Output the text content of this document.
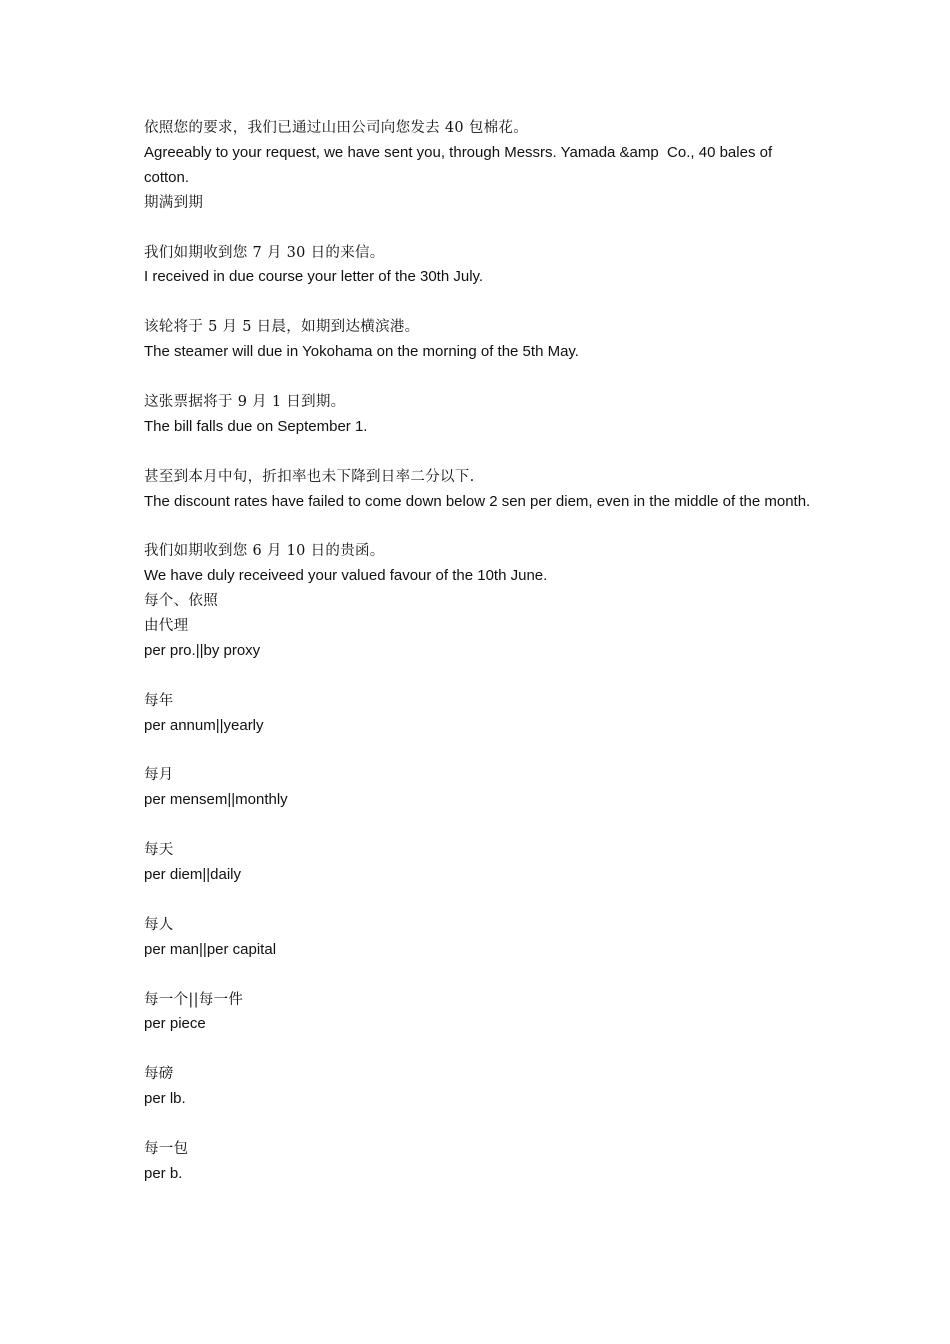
依照您的要求，我们已通过山田公司向您发去 40 包棉花。
Agreeably to your request, we have sent you, through Messrs. Yamada &amp  Co., 40 bales of cotton.
期满到期
我们如期收到您 7 月 30 日的来信。
I received in due course your letter of the 30th July.
该轮将于 5 月 5 日晨，如期到达横滨港。
The steamer will due in Yokohama on the morning of the 5th May.
这张票据将于 9 月 1 日到期。
The bill falls due on September 1.
甚至到本月中旬，折扣率也未下降到日率二分以下.
The discount rates have failed to come down below 2 sen per diem, even in the middle of the month.
我们如期收到您 6 月 10 日的贵函。
We have duly receiveed your valued favour of the 10th June.
每个、依照
由代理
per pro.||by proxy
每年
per annum||yearly
每月
per mensem||monthly
每天
per diem||daily
每人
per man||per capital
每一个||每一件
per piece
每磅
per lb.
每一包
per b.
